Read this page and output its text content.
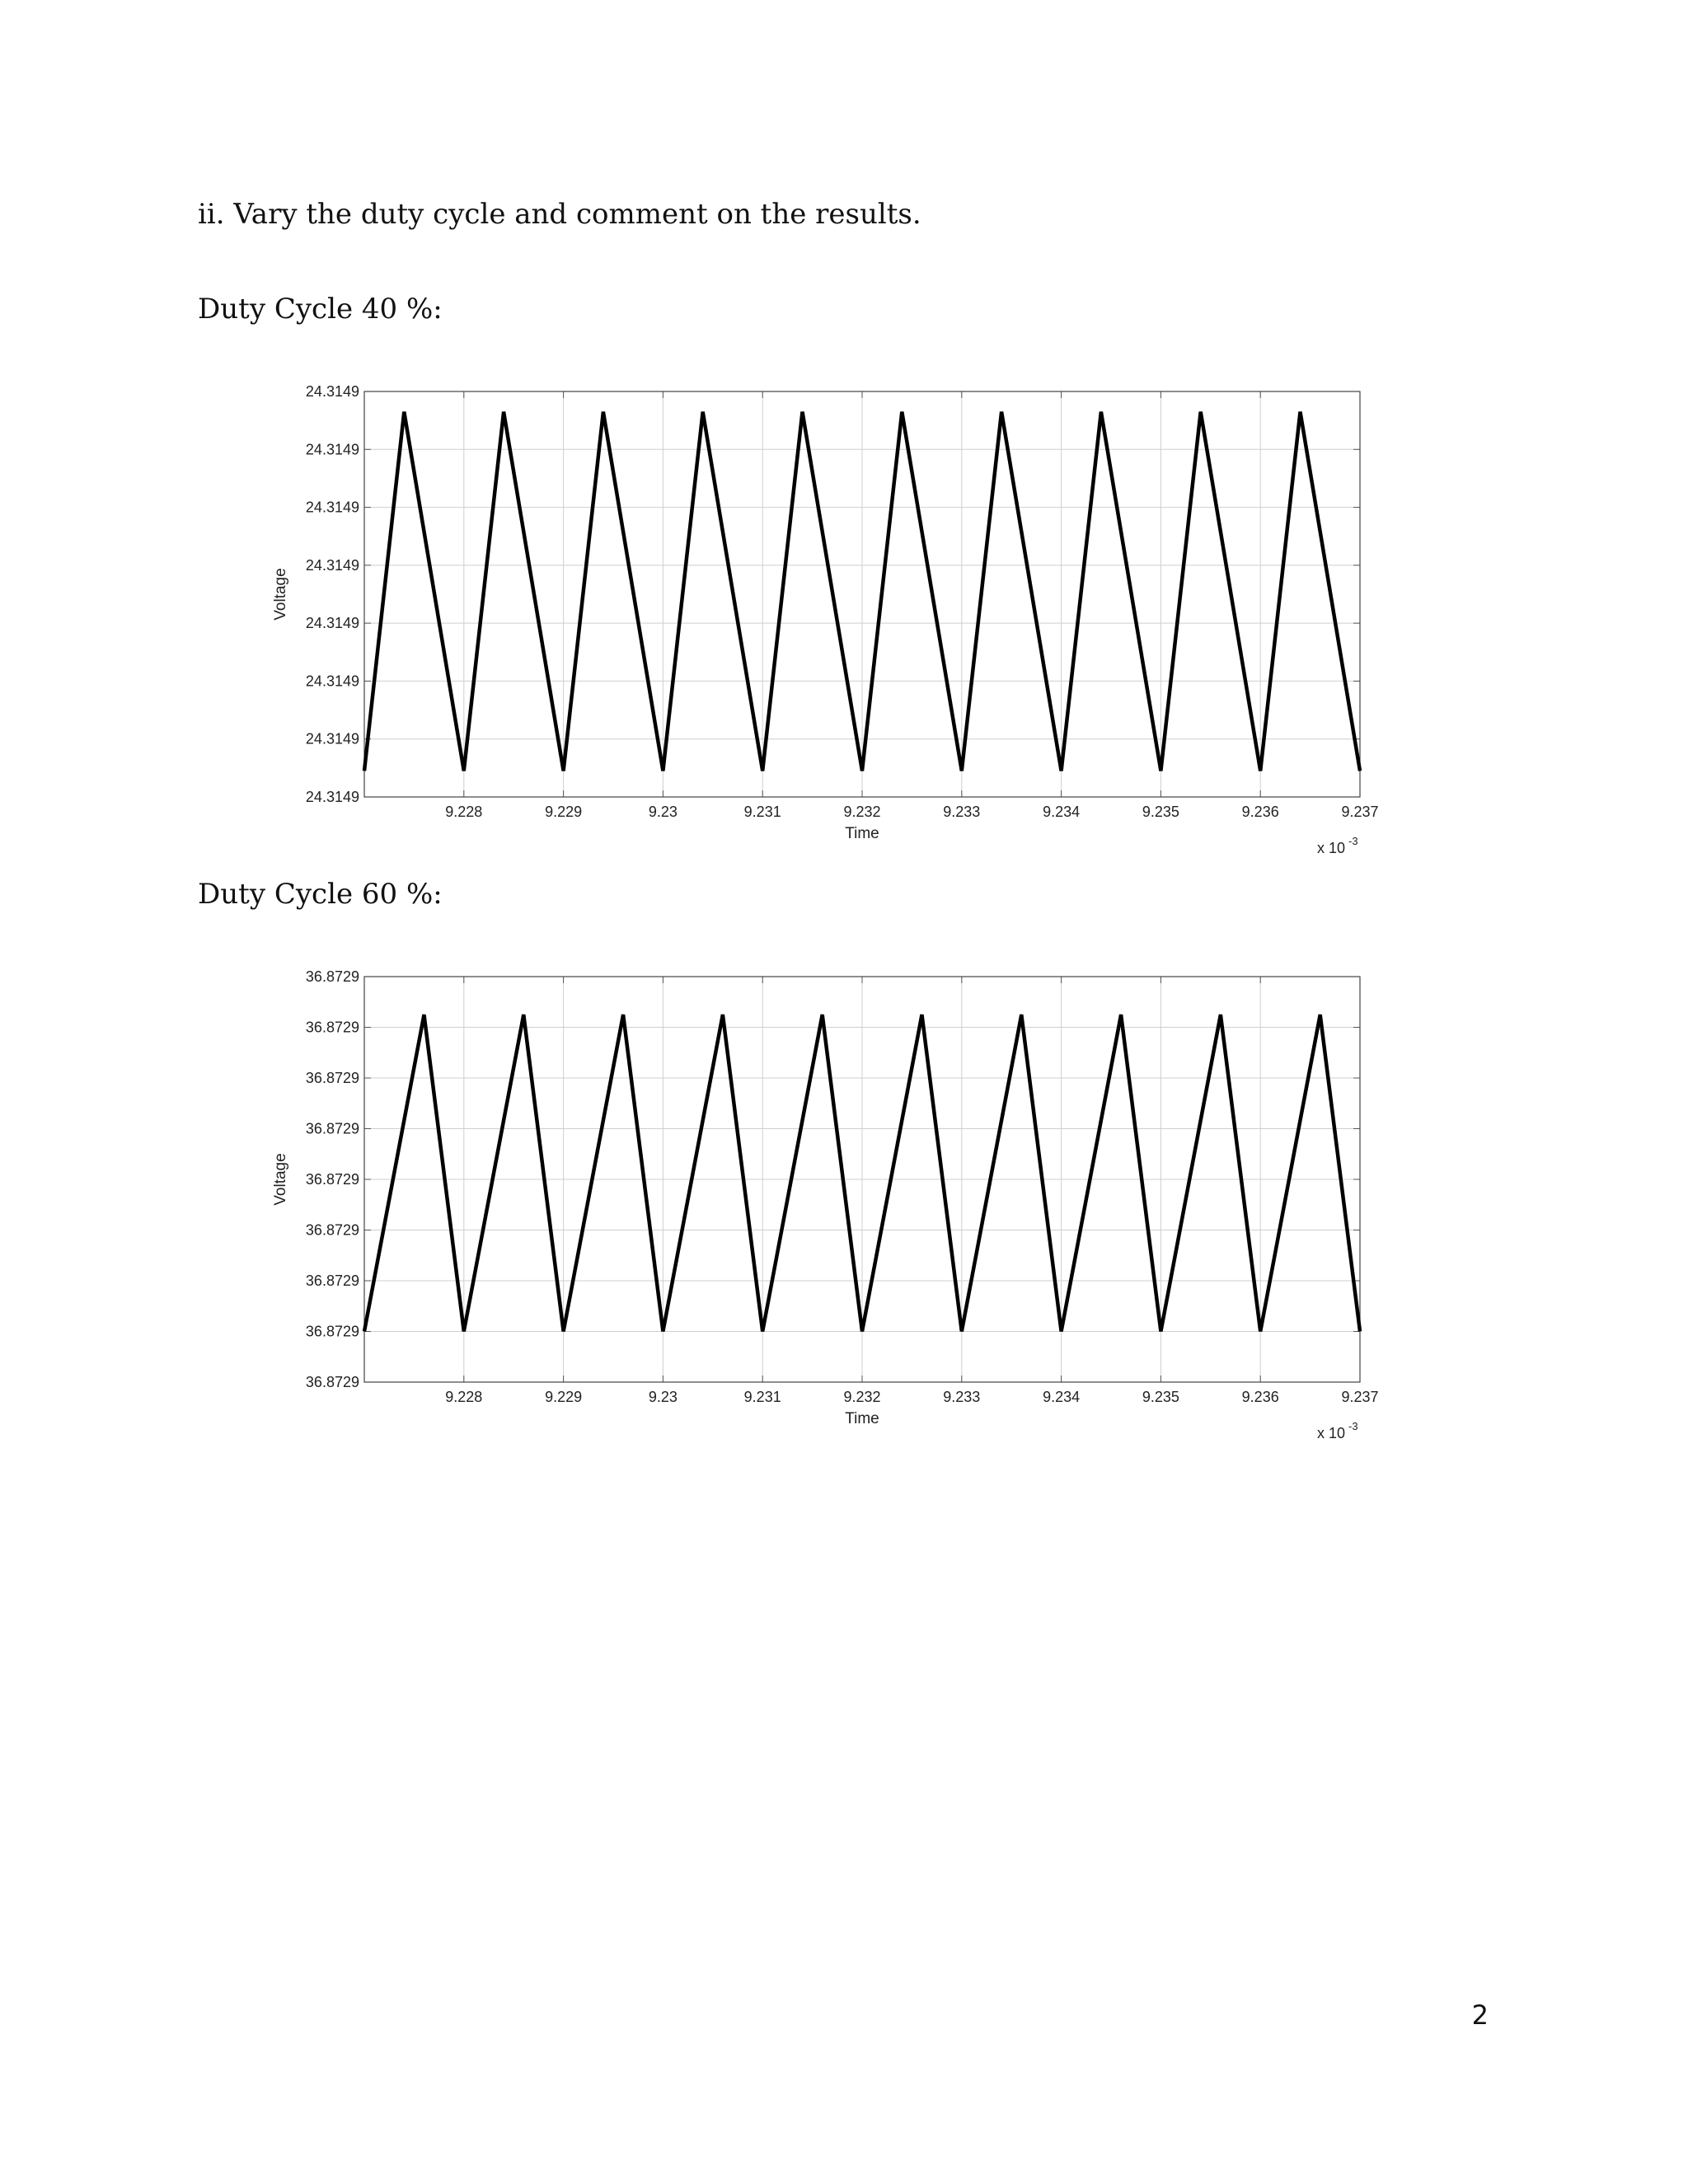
ii. Vary the duty cycle and comment on the results.
Duty Cycle 40 %:
9.228	9.229	9.23	9.231	9.232	9.233	9.234	9.235	9.236	9.237
24.3149
24.3149
24.3149
24.3149
24.3149
24.3149
24.3149
24.3149
Time
Voltage
x 10 -3
Duty Cycle 60 %:
9.228	9.229	9.23	9.231	9.232	9.233	9.234	9.235	9.236	9.237
36.8729
36.8729
36.8729
36.8729
36.8729
36.8729
36.8729
36.8729
36.8729
Time
Voltage
x 10 -3
2
